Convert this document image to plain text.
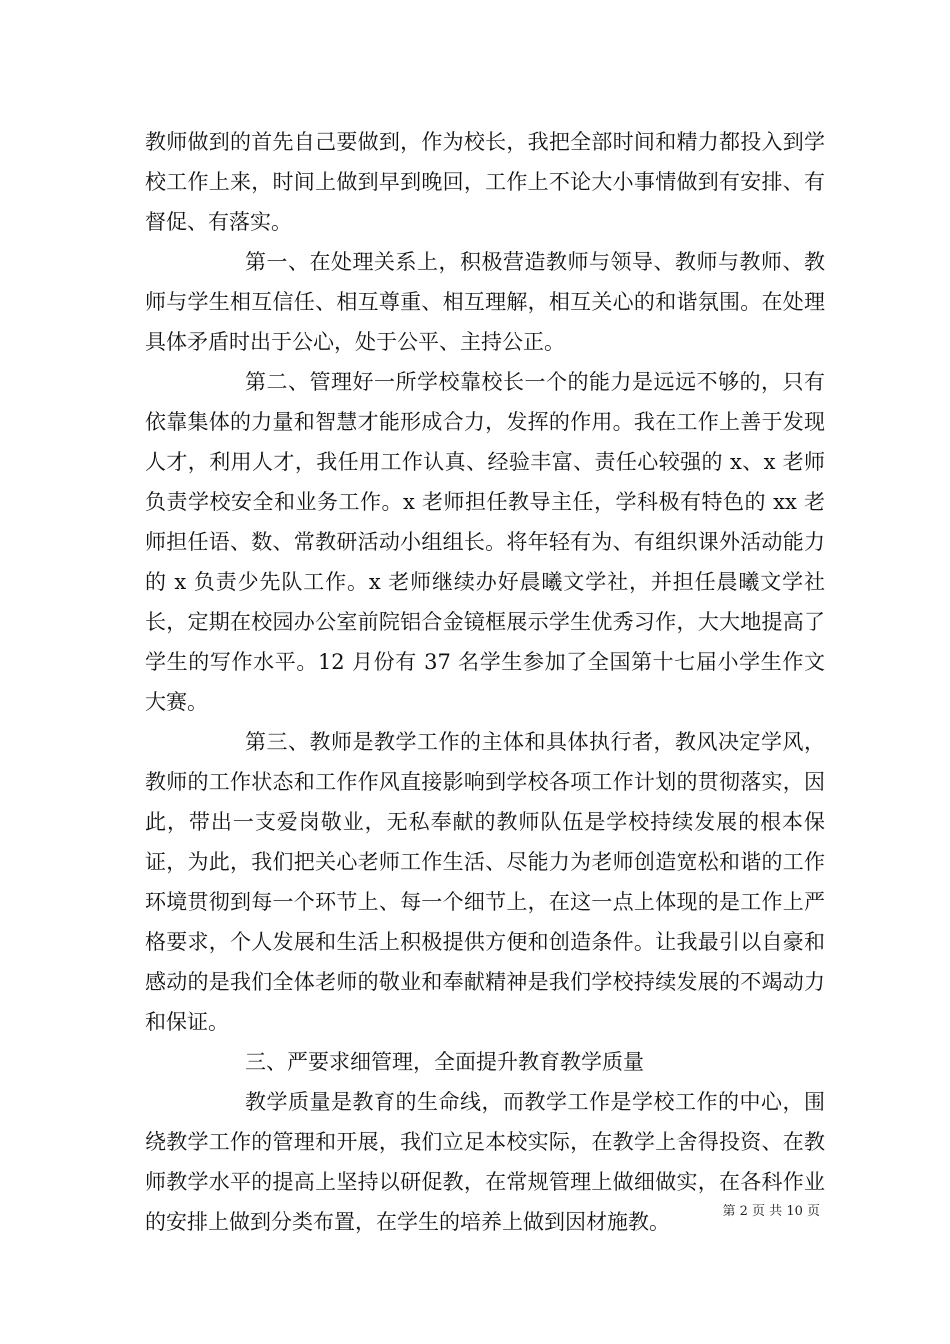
教师做到的首先自己要做到，作为校长，我把全部时间和精力都投入到学校工作上来，时间上做到早到晚回，工作上不论大小事情做到有安排、有督促、有落实。

第一、在处理关系上，积极营造教师与领导、教师与教师、教师与学生相互信任、相互尊重、相互理解，相互关心的和谐氛围。在处理具体矛盾时出于公心，处于公平、主持公正。

第二、管理好一所学校靠校长一个的能力是远远不够的，只有依靠集体的力量和智慧才能形成合力，发挥的作用。我在工作上善于发现人才，利用人才，我任用工作认真、经验丰富、责任心较强的 x、x 老师负责学校安全和业务工作。x 老师担任教导主任，学科极有特色的 xx 老师担任语、数、常教研活动小组组长。将年轻有为、有组织课外活动能力的 x 负责少先队工作。x 老师继续办好晨曦文学社，并担任晨曦文学社长，定期在校园办公室前院铝合金镜框展示学生优秀习作，大大地提高了学生的写作水平。12 月份有 37 名学生参加了全国第十七届小学生作文大赛。

第三、教师是教学工作的主体和具体执行者，教风决定学风，教师的工作状态和工作作风直接影响到学校各项工作计划的贯彻落实，因此，带出一支爱岗敬业，无私奉献的教师队伍是学校持续发展的根本保证，为此，我们把关心老师工作生活、尽能力为老师创造宽松和谐的工作环境贯彻到每一个环节上、每一个细节上，在这一点上体现的是工作上严格要求，个人发展和生活上积极提供方便和创造条件。让我最引以自豪和感动的是我们全体老师的敬业和奉献精神是我们学校持续发展的不竭动力和保证。

三、严要求细管理，全面提升教育教学质量

教学质量是教育的生命线，而教学工作是学校工作的中心，围绕教学工作的管理和开展，我们立足本校实际，在教学上舍得投资、在教师教学水平的提高上坚持以研促教，在常规管理上做细做实，在各科作业的安排上做到分类布置，在学生的培养上做到因材施教。	第 2 页 共 10 页
